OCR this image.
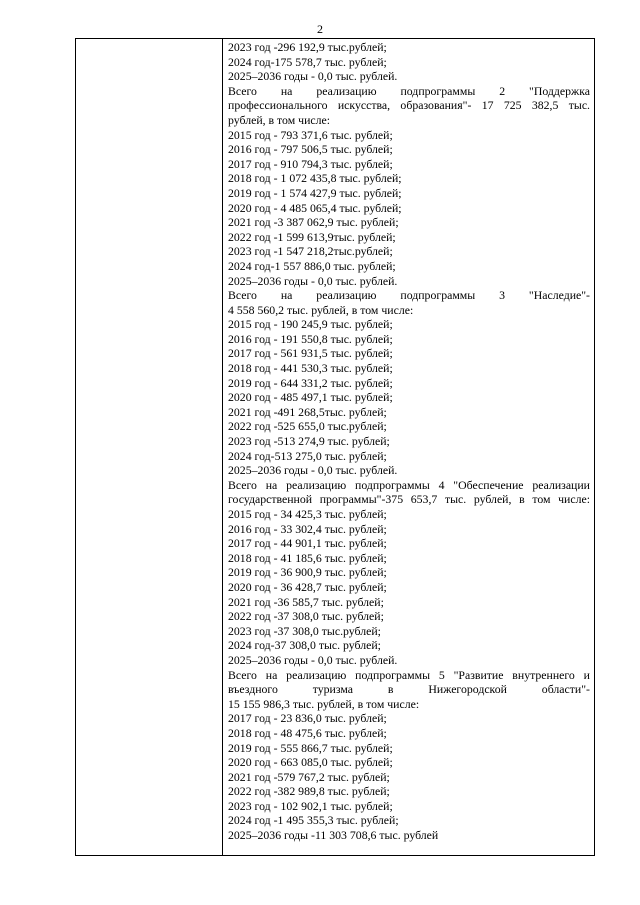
2
2023 год -296 192,9 тыс.рублей;
2024 год-175 578,7 тыс. рублей;
2025–2036 годы - 0,0 тыс. рублей.
Всего на реализацию подпрограммы 2 "Поддержка
профессионального искусства, образования"- 17 725 382,5 тыс.
рублей, в том числе:
2015 год - 793 371,6 тыс. рублей;
2016 год - 797 506,5 тыс. рублей;
2017 год - 910 794,3 тыс. рублей;
2018 год - 1 072 435,8 тыс. рублей;
2019 год - 1 574 427,9 тыс. рублей;
2020 год - 4 485 065,4 тыс. рублей;
2021 год -3 387 062,9 тыс. рублей;
2022 год -1 599 613,9тыс. рублей;
2023 год -1 547 218,2тыс.рублей;
2024 год-1 557 886,0 тыс. рублей;
2025–2036 годы - 0,0 тыс. рублей.
Всего на реализацию подпрограммы 3 "Наследие"-
4 558 560,2 тыс. рублей, в том числе:
2015 год - 190 245,9 тыс. рублей;
2016 год - 191 550,8 тыс. рублей;
2017 год - 561 931,5 тыс. рублей;
2018 год - 441 530,3 тыс. рублей;
2019 год - 644 331,2 тыс. рублей;
2020 год - 485 497,1 тыс. рублей;
2021 год -491 268,5тыс. рублей;
2022 год -525 655,0 тыс.рублей;
2023 год -513 274,9 тыс. рублей;
2024 год-513 275,0 тыс. рублей;
2025–2036 годы - 0,0 тыс. рублей.
Всего на реализацию подпрограммы 4 "Обеспечение реализации
государственной программы"-375 653,7 тыс. рублей, в том числе:
2015 год - 34 425,3 тыс. рублей;
2016 год - 33 302,4 тыс. рублей;
2017 год - 44 901,1 тыс. рублей;
2018 год - 41 185,6 тыс. рублей;
2019 год - 36 900,9 тыс. рублей;
2020 год - 36 428,7 тыс. рублей;
2021 год -36 585,7 тыс. рублей;
2022 год -37 308,0 тыс. рублей;
2023 год -37 308,0 тыс.рублей;
2024 год-37 308,0 тыс. рублей;
2025–2036 годы - 0,0 тыс. рублей.
Всего на реализацию подпрограммы 5 "Развитие внутреннего и
въездного туризма в Нижегородской области"-
15 155 986,3 тыс. рублей, в том числе:
2017 год - 23 836,0 тыс. рублей;
2018 год - 48 475,6 тыс. рублей;
2019 год - 555 866,7 тыс. рублей;
2020 год - 663 085,0 тыс. рублей;
2021 год -579 767,2 тыс. рублей;
2022 год -382 989,8 тыс. рублей;
2023 год - 102 902,1 тыс. рублей;
2024 год -1 495 355,3 тыс. рублей;
2025–2036 годы -11 303 708,6 тыс. рублей
